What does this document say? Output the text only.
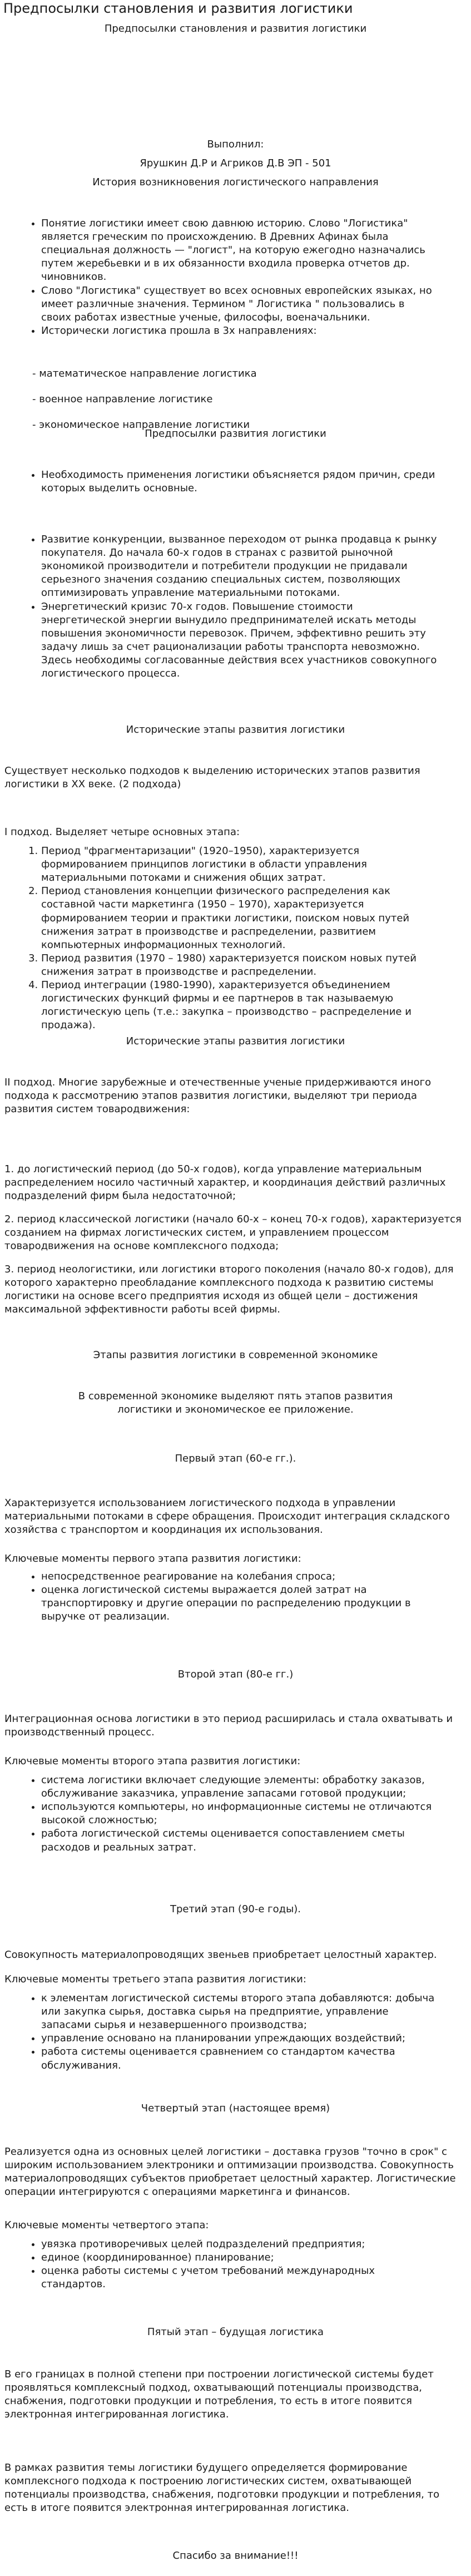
Предпосылки становления и развития логистики
Предпосылки становления и развития логистики
Выполнил:
Ярушкин Д.Р и Агриков Д.В ЭП - 501
История возникновения логистического направления
• Понятие логистики имеет свою давнюю историю. Слово "Логистика" является греческим по происхождению. В Древних Афинах была специальная должность — "логист", на которую ежегодно назначались путем жеребьевки и в их обязанности входила проверка отчетов др. чиновников.
• Слово "Логистика" существует во всех основных европейских языках, но имеет различные значения. Термином " Логистика " пользовались в своих работах известные ученые, философы, военачальники.
• Исторически логистика прошла в 3х направлениях:
- математическое направление логистика
- военное направление логистике
- экономическое направление логистики
Предпосылки развития логистики
• Необходимость применения логистики объясняется рядом причин, среди которых выделить основные.
• Развитие конкуренции, вызванное переходом от рынка продавца к рынку покупателя. До начала 60-х годов в странах с развитой рыночной экономикой производители и потребители продукции не придавали серьезного значения созданию специальных систем, позволяющих оптимизировать управление материальными потоками.
• Энергетический кризис 70-х годов. Повышение стоимости энергетической энергии вынудило предпринимателей искать методы повышения экономичности перевозок. Причем, эффективно решить эту задачу лишь за счет рационализации работы транспорта невозможно. Здесь необходимы согласованные действия всех участников совокупного логистического процесса.
Исторические этапы развития логистики
Существует несколько подходов к выделению исторических этапов развития логистики в XX веке. (2 подхода)
I подход. Выделяет четыре основных этапа:
1. Период "фрагментаризации" (1920–1950), характеризуется формированием принципов логистики в области управления материальными потоками и снижения общих затрат.
2. Период становления концепции физического распределения как составной части маркетинга (1950 – 1970), характеризуется формированием теории и практики логистики, поиском новых путей снижения затрат в производстве и распределении, развитием компьютерных информационных технологий.
3. Период развития (1970 – 1980) характеризуется поиском новых путей снижения затрат в производстве и распределении.
4. Период интеграции (1980-1990), характеризуется объединением логистических функций фирмы и ее партнеров в так называемую логистическую цепь (т.е.: закупка – производство – распределение и продажа).
Исторические этапы развития логистики
II подход. Многие зарубежные и отечественные ученые придерживаются иного подхода к рассмотрению этапов развития логистики, выделяют три периода развития систем товародвижения:
1. до логистический период (до 50-х годов), когда управление материальным распределением носило частичный характер, и координация действий различных подразделений фирм была недостаточной;
2. период классической логистики (начало 60-х – конец 70-х годов), характеризуется созданием на фирмах логистических систем, и управлением процессом товародвижения на основе комплексного подхода;
3. период неологистики, или логистики второго поколения (начало 80-х годов), для которого характерно преобладание комплексного подхода к развитию системы логистики на основе всего предприятия исходя из общей цели – достижения максимальной эффективности работы всей фирмы.
Этапы развития логистики в современной экономике
В современной экономике выделяют пять этапов развития логистики и экономическое ее приложение.
Первый этап (60-е гг.).
Характеризуется использованием логистического подхода в управлении материальными потоками в сфере обращения. Происходит интеграция складского хозяйства с транспортом и координация их использования.
Ключевые моменты первого этапа развития логистики:
• непосредственное реагирование на колебания спроса;
• оценка логистической системы выражается долей затрат на транспортировку и другие операции по распределению продукции в выручке от реализации.
Второй этап (80-е гг.)
Интеграционная основа логистики в это период расширилась и стала охватывать и производственный процесс.
Ключевые моменты второго этапа развития логистики:
• система логистики включает следующие элементы: обработку заказов, обслуживание заказчика, управление запасами готовой продукции;
• используются компьютеры, но информационные системы не отличаются высокой сложностью;
• работа логистической системы оценивается сопоставлением сметы расходов и реальных затрат.
Третий этап (90-е годы).
Совокупность материалопроводящих звеньев приобретает целостный характер.
Ключевые моменты третьего этапа развития логистики:
• к элементам логистической системы второго этапа добавляются: добыча или закупка сырья, доставка сырья на предприятие, управление запасами сырья и незавершенного производства;
• управление основано на планировании упреждающих воздействий;
• работа системы оценивается сравнением со стандартом качества обслуживания.
Четвертый этап (настоящее время)
Реализуется одна из основных целей логистики – доставка грузов "точно в срок" с широким использованием электроники и оптимизации производства. Совокупность материалопроводящих субъектов приобретает целостный характер. Логистические операции интегрируются с операциями маркетинга и финансов.
Ключевые моменты четвертого этапа:
• увязка противоречивых целей подразделений предприятия;
• единое (координированное) планирование;
• оценка работы системы с учетом требований международных стандартов.
Пятый этап – будущая логистика
В его границах в полной степени при построении логистической системы будет проявляться комплексный подход, охватывающий потенциалы производства, снабжения, подготовки продукции и потребления, то есть в итоге появится электронная интегрированная логистика.
В рамках развития темы логистики будущего определяется формирование комплексного подхода к построению логистических систем, охватывающей потенциалы производства, снабжения, подготовки продукции и потребления, то есть в итоге появится электронная интегрированная логистика.
Спасибо за внимание!!!
